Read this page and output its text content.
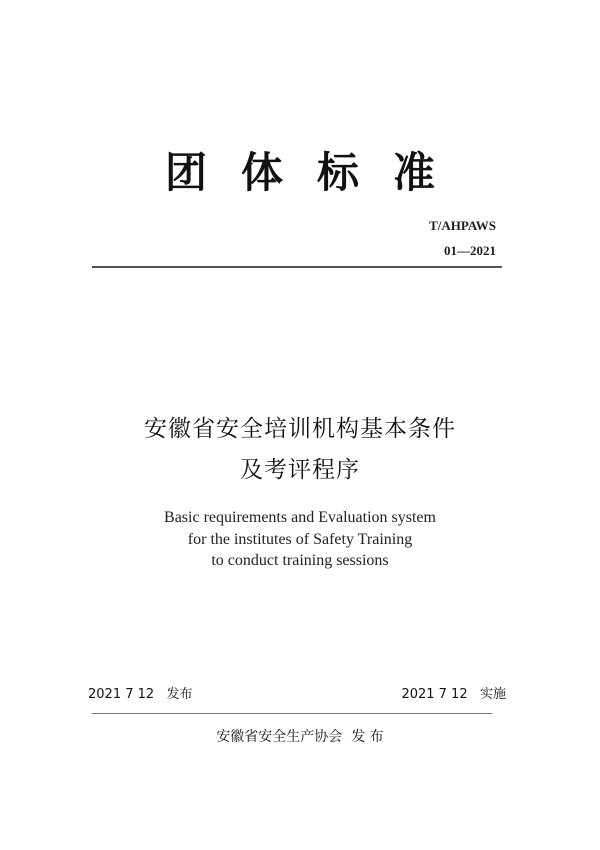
团体标准
T/AHPAWS
01—2021
安徽省安全培训机构基本条件
及考评程序
Basic requirements and Evaluation system
for the institutes of Safety Training
to conduct training sessions
2021 7 12   发布	2021 7 12   实施
安徽省安全生产协会  发 布
